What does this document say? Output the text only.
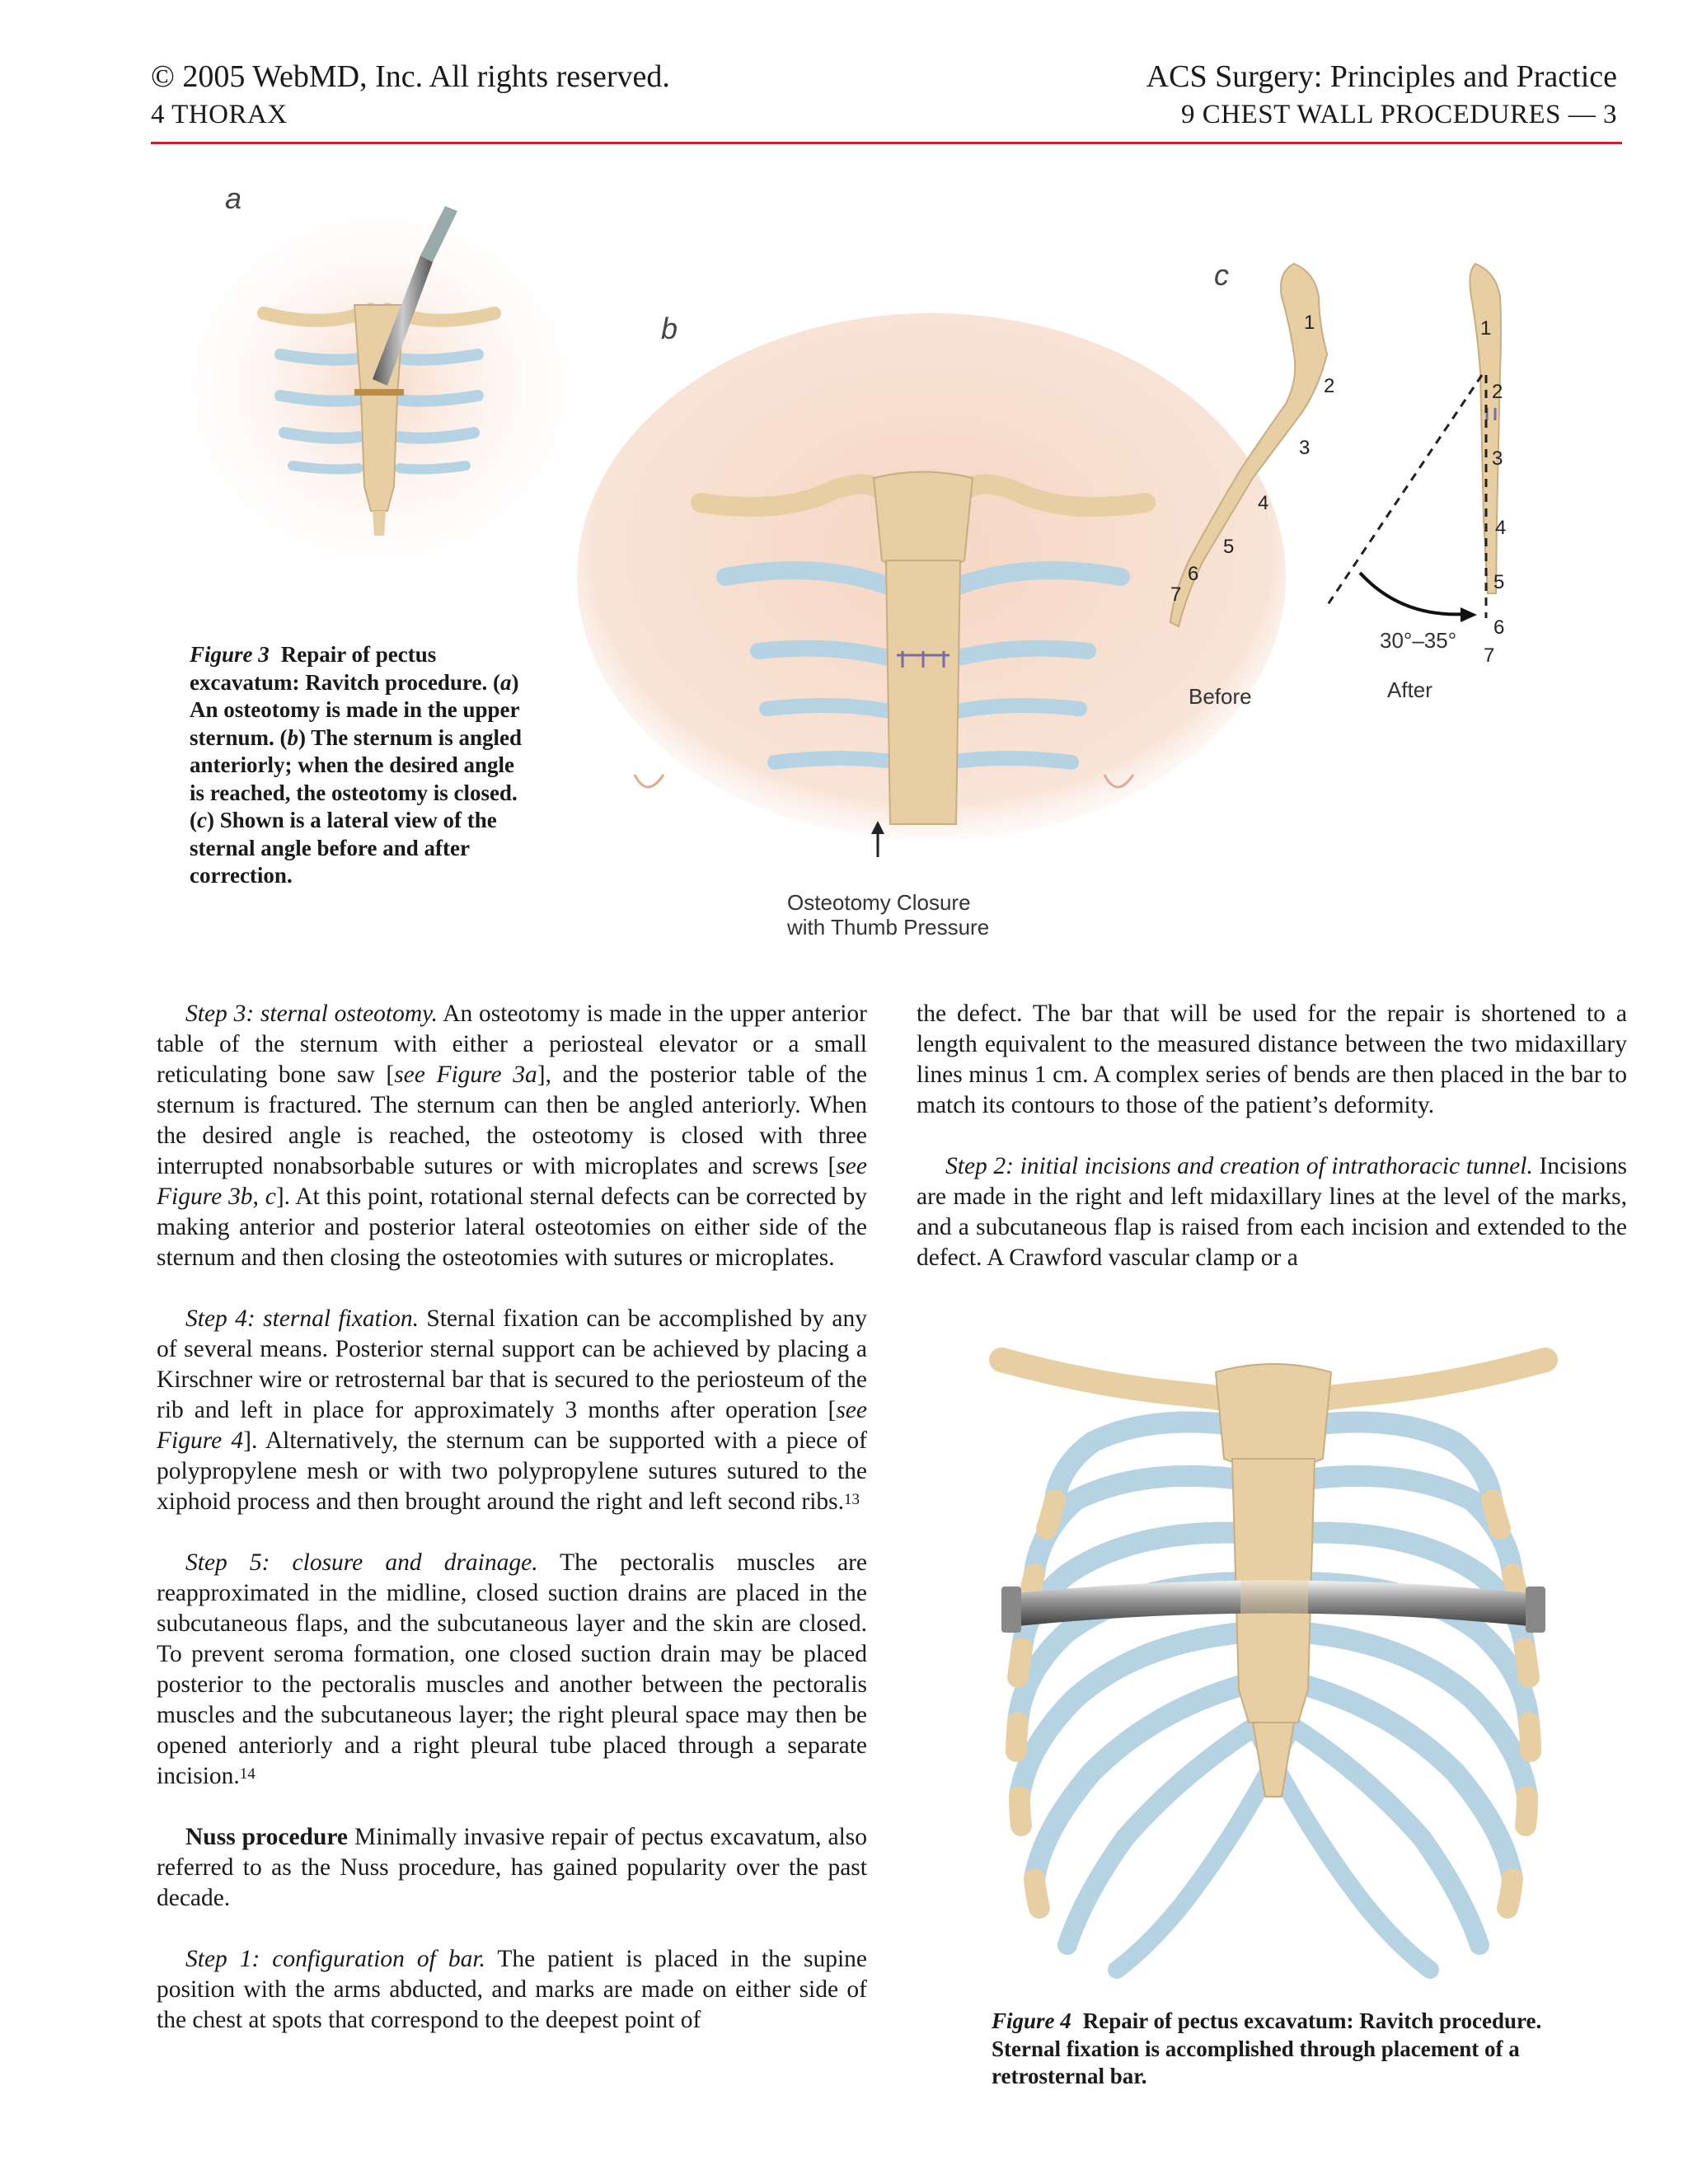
© 2005 WebMD, Inc. All rights reserved.
4 THORAX
ACS Surgery: Principles and Practice
9 CHEST WALL PROCEDURES — 3
a
b
c
1
2
3
4
5
6
7
1
2
3
4
5
6
7
30°–35°
Before	After
Osteotomy Closure
with Thumb Pressure
Figure 3 Repair of pectus excavatum: Ravitch procedure. (a) An osteotomy is made in the upper sternum. (b) The sternum is angled anteriorly; when the desired angle is reached, the osteotomy is closed. (c) Shown is a lateral view of the sternal angle before and after correction.

Step 3: sternal osteotomy. An osteotomy is made in the upper anterior table of the sternum with either a periosteal elevator or a small reticulating bone saw [see Figure 3a], and the posterior table of the sternum is fractured. The sternum can then be angled anteriorly. When the desired angle is reached, the osteotomy is closed with three interrupted nonabsorbable sutures or with microplates and screws [see Figure 3b, c]. At this point, rotational sternal defects can be corrected by making anterior and posterior lateral osteotomies on either side of the sternum and then closing the osteotomies with sutures or microplates.

Step 4: sternal fixation. Sternal fixation can be accomplished by any of several means. Posterior sternal support can be achieved by placing a Kirschner wire or retrosternal bar that is secured to the periosteum of the rib and left in place for approximately 3 months after operation [see Figure 4]. Alternatively, the sternum can be supported with a piece of polypropylene mesh or with two polypropylene sutures sutured to the xiphoid process and then brought around the right and left second ribs.$^{13}$

Step 5: closure and drainage. The pectoralis muscles are reapproximated in the midline, closed suction drains are placed in the subcutaneous flaps, and the subcutaneous layer and the skin are closed. To prevent seroma formation, one closed suction drain may be placed posterior to the pectoralis muscles and another between the pectoralis muscles and the subcutaneous layer; the right pleural space may then be opened anteriorly and a right pleural tube placed through a separate incision.$^{14}$

Nuss procedure Minimally invasive repair of pectus excavatum, also referred to as the Nuss procedure, has gained popularity over the past decade.

Step 1: configuration of bar. The patient is placed in the supine position with the arms abducted, and marks are made on either side of the chest at spots that correspond to the deepest point of

the defect. The bar that will be used for the repair is shortened to a length equivalent to the measured distance between the two midaxillary lines minus 1 cm. A complex series of bends are then placed in the bar to match its contours to those of the patient’s deformity.

Step 2: initial incisions and creation of intrathoracic tunnel. Incisions are made in the right and left midaxillary lines at the level of the marks, and a subcutaneous flap is raised from each incision and extended to the defect. A Crawford vascular clamp or a

Figure 4 Repair of pectus excavatum: Ravitch procedure. Sternal fixation is accomplished through placement of a retrosternal bar.
